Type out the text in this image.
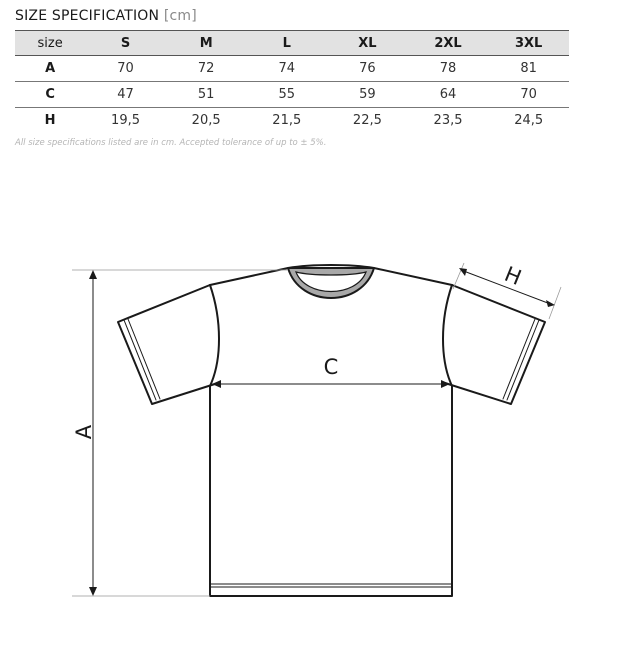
SIZE SPECIFICATION [cm]
size	S	M	L	XL	2XL	3XL
A	70	72	74	76	78	81
C	47	51	55	59	64	70
H	19,5	20,5	21,5	22,5	23,5	24,5
All size specifications listed are in cm. Accepted tolerance of up to ± 5%.
A
C
H
